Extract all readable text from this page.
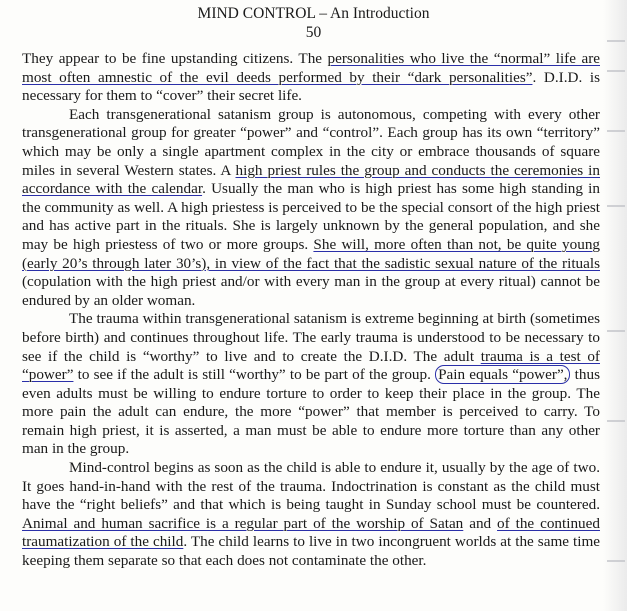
MIND CONTROL – An Introduction
50

They appear to be fine upstanding citizens. The personalities who live the “normal” life are most often amnestic of the evil deeds performed by their “dark personalities”. D.I.D. is necessary for them to “cover” their secret life.

Each transgenerational satanism group is autonomous, competing with every other transgenerational group for greater “power” and “control”. Each group has its own “territory” which may be only a single apartment complex in the city or embrace thousands of square miles in several Western states. A high priest rules the group and conducts the ceremonies in accordance with the calendar. Usually the man who is high priest has some high standing in the community as well. A high priestess is perceived to be the special consort of the high priest and has active part in the rituals. She is largely unknown by the general population, and she may be high priestess of two or more groups. She will, more often than not, be quite young (early 20’s through later 30’s), in view of the fact that the sadistic sexual nature of the rituals (copulation with the high priest and/or with every man in the group at every ritual) cannot be endured by an older woman.

The trauma within transgenerational satanism is extreme beginning at birth (sometimes before birth) and continues throughout life. The early trauma is understood to be necessary to see if the child is “worthy” to live and to create the D.I.D. The adult trauma is a test of “power” to see if the adult is still “worthy” to be part of the group. Pain equals “power”, thus even adults must be willing to endure torture to order to keep their place in the group. The more pain the adult can endure, the more “power” that member is perceived to carry. To remain high priest, it is asserted, a man must be able to endure more torture than any other man in the group.

Mind-control begins as soon as the child is able to endure it, usually by the age of two. It goes hand-in-hand with the rest of the trauma. Indoctrination is constant as the child must have the “right beliefs” and that which is being taught in Sunday school must be countered. Animal and human sacrifice is a regular part of the worship of Satan and of the continued traumatization of the child. The child learns to live in two incongruent worlds at the same time keeping them separate so that each does not contaminate the other.
